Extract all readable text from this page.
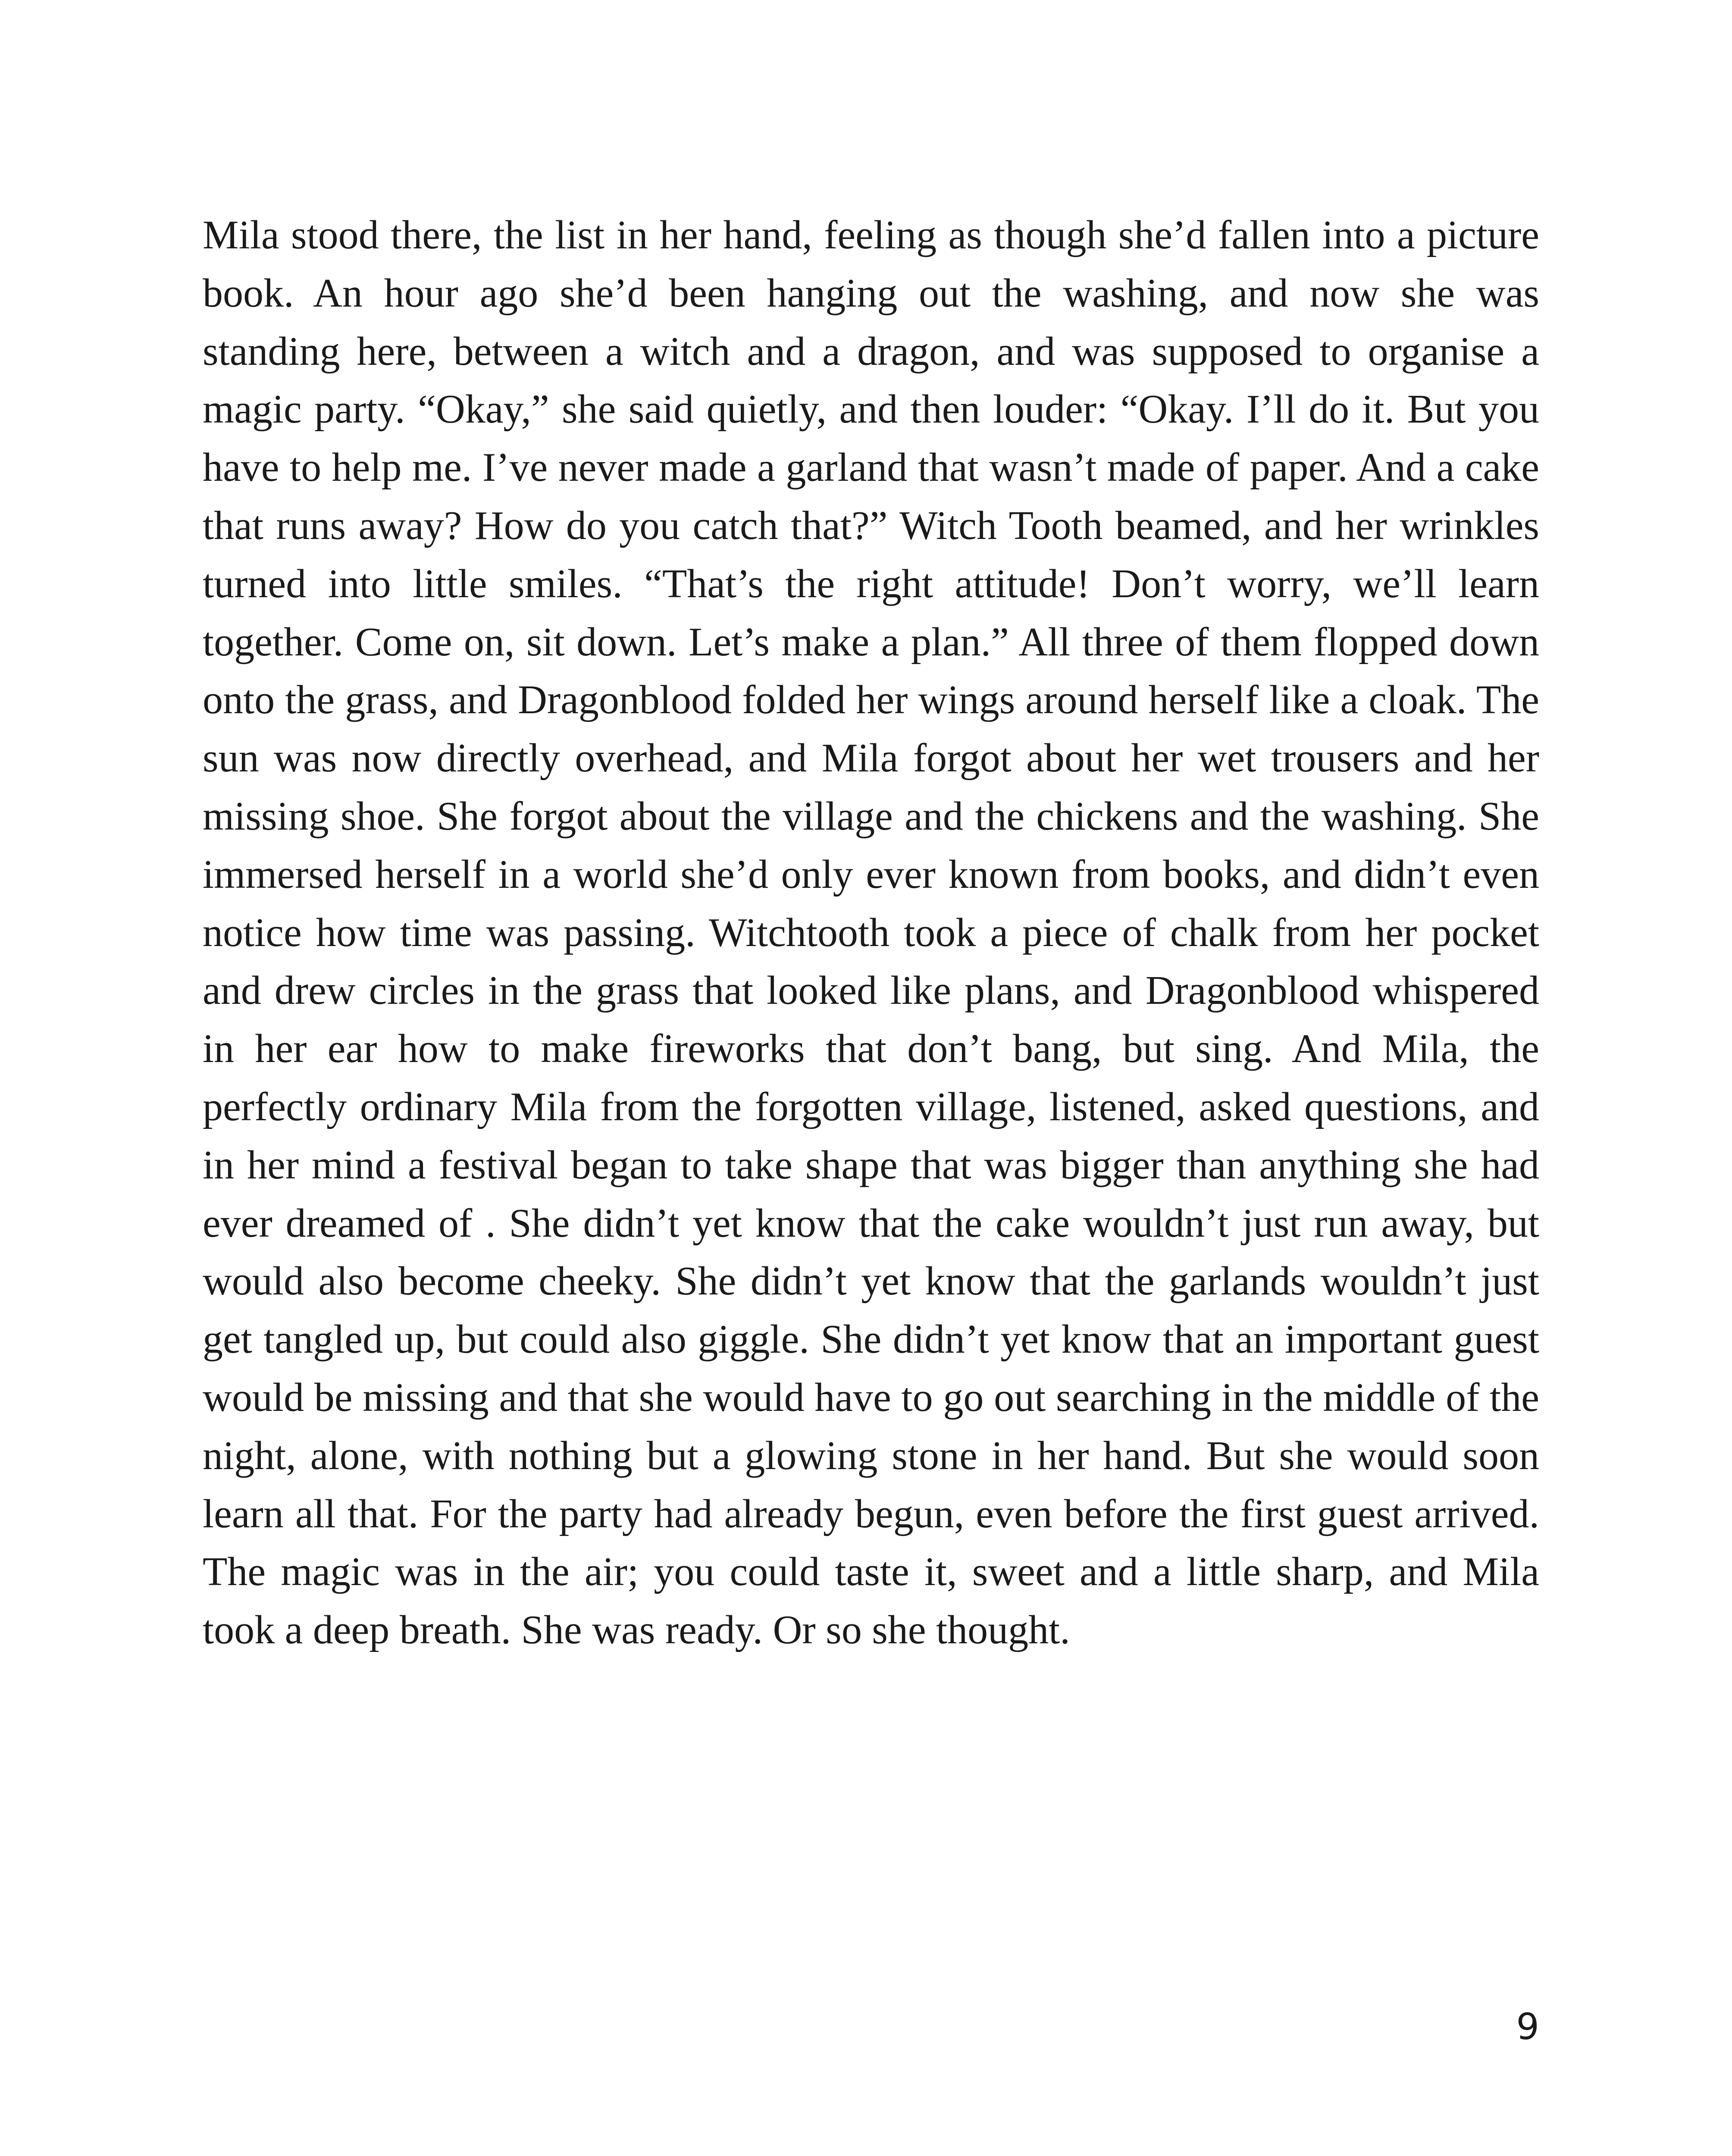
Mila stood there, the list in her hand, feeling as though she’d fallen into a picture book. An hour ago she’d been hanging out the washing, and now she was standing here, between a witch and a dragon, and was supposed to organise a magic party. “Okay,” she said quietly, and then louder: “Okay. I’ll do it. But you have to help me. I’ve never made a garland that wasn’t made of paper. And a cake that runs away? How do you catch that?” Witch Tooth beamed, and her wrinkles turned into little smiles. “That’s the right attitude! Don’t worry, we’ll learn together. Come on, sit down. Let’s make a plan.” All three of them flopped down onto the grass, and Dragonblood folded her wings around herself like a cloak. The sun was now directly overhead, and Mila forgot about her wet trousers and her missing shoe. She forgot about the village and the chickens and the washing. She immersed herself in a world she’d only ever known from books, and didn’t even notice how time was passing. Witchtooth took a piece of chalk from her pocket and drew circles in the grass that looked like plans, and Dragonblood whispered in her ear how to make fireworks that don’t bang, but sing. And Mila, the perfectly ordinary Mila from the forgotten village, listened, asked questions, and in her mind a festival began to take shape that was bigger than anything she had ever dreamed of . She didn’t yet know that the cake wouldn’t just run away, but would also become cheeky. She didn’t yet know that the garlands wouldn’t just get tangled up, but could also giggle. She didn’t yet know that an important guest would be missing and that she would have to go out searching in the middle of the night, alone, with nothing but a glowing stone in her hand. But she would soon learn all that. For the party had already begun, even before the first guest arrived. The magic was in the air; you could taste it, sweet and a little sharp, and Mila took a deep breath. She was ready. Or so she thought.

9
